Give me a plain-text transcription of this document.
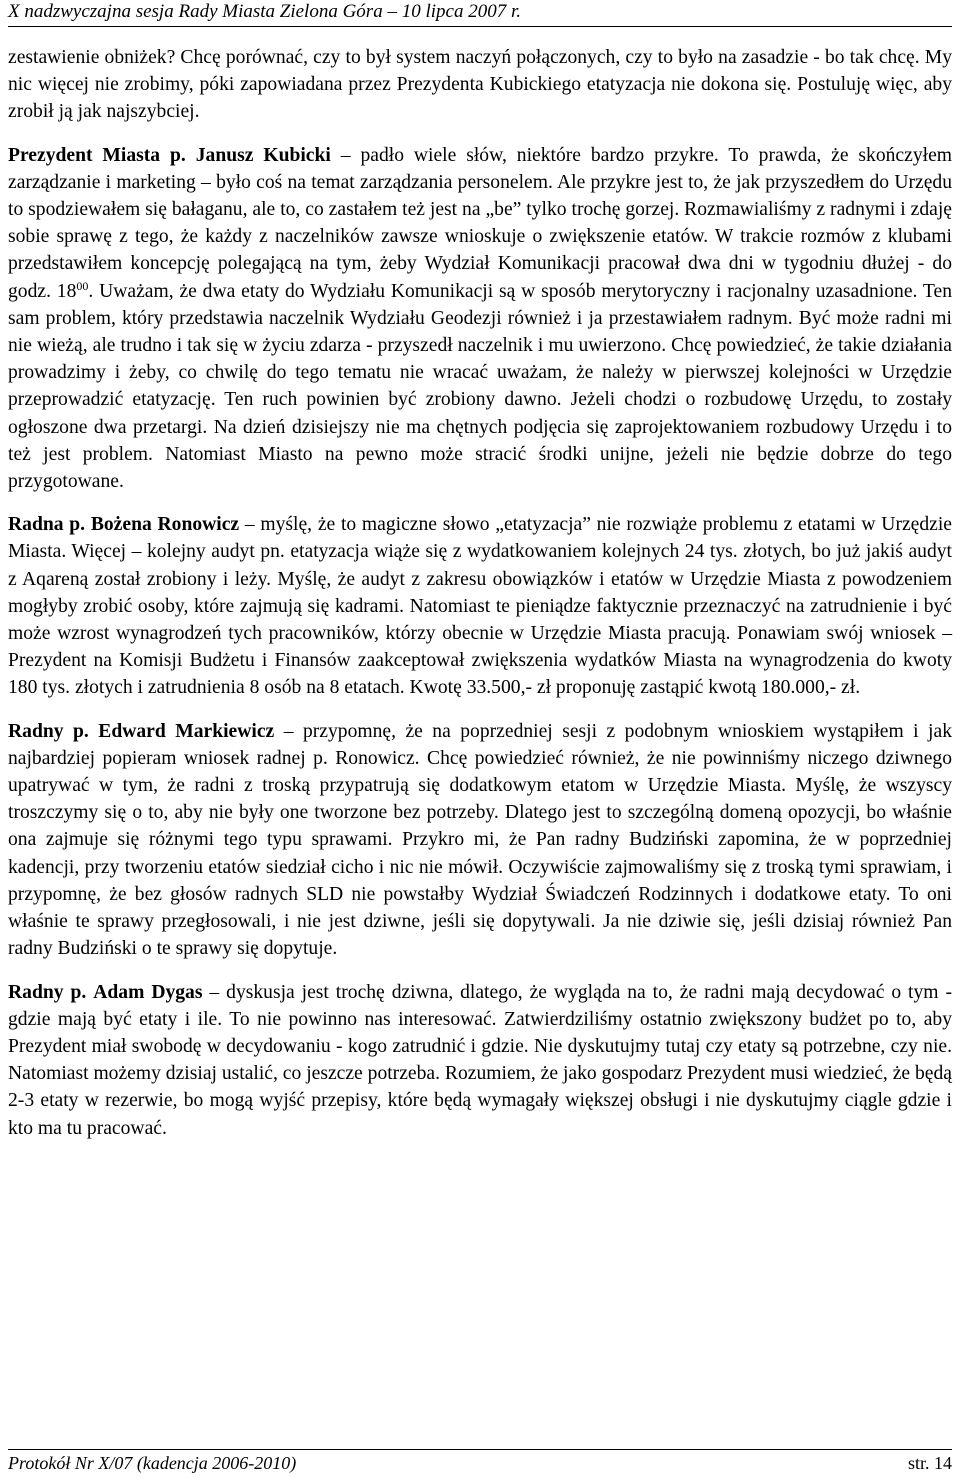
X nadzwyczajna sesja Rady Miasta Zielona Góra – 10 lipca 2007 r.

zestawienie obniżek? Chcę porównać, czy to był system naczyń połączonych, czy to było na zasadzie - bo tak chcę. My nic więcej nie zrobimy, póki zapowiadana przez Prezydenta Kubickiego etatyzacja nie dokona się. Postuluję więc, aby zrobił ją jak najszybciej.

Prezydent Miasta p. Janusz Kubicki – padło wiele słów, niektóre bardzo przykre. To prawda, że skończyłem zarządzanie i marketing – było coś na temat zarządzania personelem. Ale przykre jest to, że jak przyszedłem do Urzędu to spodziewałem się bałaganu, ale to, co zastałem też jest na „be” tylko trochę gorzej. Rozmawialiśmy z radnymi i zdaję sobie sprawę z tego, że każdy z naczelników zawsze wnioskuje o zwiększenie etatów. W trakcie rozmów z klubami przedstawiłem koncepcję polegającą na tym, żeby Wydział Komunikacji pracował dwa dni w tygodniu dłużej - do godz. $18^{00}$. Uważam, że dwa etaty do Wydziału Komunikacji są w sposób merytoryczny i racjonalny uzasadnione. Ten sam problem, który przedstawia naczelnik Wydziału Geodezji również i ja przestawiałem radnym. Być może radni mi nie wieżą, ale trudno i tak się w życiu zdarza - przyszedł naczelnik i mu uwierzono. Chcę powiedzieć, że takie działania prowadzimy i żeby, co chwilę do tego tematu nie wracać uważam, że należy w pierwszej kolejności w Urzędzie przeprowadzić etatyzację. Ten ruch powinien być zrobiony dawno. Jeżeli chodzi o rozbudowę Urzędu, to zostały ogłoszone dwa przetargi. Na dzień dzisiejszy nie ma chętnych podjęcia się zaprojektowaniem rozbudowy Urzędu i to też jest problem. Natomiast Miasto na pewno może stracić środki unijne, jeżeli nie będzie dobrze do tego przygotowane.

Radna p. Bożena Ronowicz – myślę, że to magiczne słowo „etatyzacja” nie rozwiąże problemu z etatami w Urzędzie Miasta. Więcej – kolejny audyt pn. etatyzacja wiąże się z wydatkowaniem kolejnych 24 tys. złotych, bo już jakiś audyt z Aqareną został zrobiony i leży. Myślę, że audyt z zakresu obowiązków i etatów w Urzędzie Miasta z powodzeniem mogłyby zrobić osoby, które zajmują się kadrami. Natomiast te pieniądze faktycznie przeznaczyć na zatrudnienie i być może wzrost wynagrodzeń tych pracowników, którzy obecnie w Urzędzie Miasta pracują. Ponawiam swój wniosek – Prezydent na Komisji Budżetu i Finansów zaakceptował zwiększenia wydatków Miasta na wynagrodzenia do kwoty 180 tys. złotych i zatrudnienia 8 osób na 8 etatach. Kwotę 33.500,- zł proponuję zastąpić kwotą 180.000,- zł.

Radny p. Edward Markiewicz – przypomnę, że na poprzedniej sesji z podobnym wnioskiem wystąpiłem i jak najbardziej popieram wniosek radnej p. Ronowicz. Chcę powiedzieć również, że nie powinniśmy niczego dziwnego upatrywać w tym, że radni z troską przypatrują się dodatkowym etatom w Urzędzie Miasta. Myślę, że wszyscy troszczymy się o to, aby nie były one tworzone bez potrzeby. Dlatego jest to szczególną domeną opozycji, bo właśnie ona zajmuje się różnymi tego typu sprawami. Przykro mi, że Pan radny Budziński zapomina, że w poprzedniej kadencji, przy tworzeniu etatów siedział cicho i nic nie mówił. Oczywiście zajmowaliśmy się z troską tymi sprawiam, i przypomnę, że bez głosów radnych SLD nie powstałby Wydział Świadczeń Rodzinnych i dodatkowe etaty. To oni właśnie te sprawy przegłosowali, i nie jest dziwne, jeśli się dopytywali. Ja nie dziwie się, jeśli dzisiaj również Pan radny Budziński o te sprawy się dopytuje.

Radny p. Adam Dygas – dyskusja jest trochę dziwna, dlatego, że wygląda na to, że radni mają decydować o tym - gdzie mają być etaty i ile. To nie powinno nas interesować. Zatwierdziliśmy ostatnio zwiększony budżet po to, aby Prezydent miał swobodę w decydowaniu - kogo zatrudnić i gdzie. Nie dyskutujmy tutaj czy etaty są potrzebne, czy nie. Natomiast możemy dzisiaj ustalić, co jeszcze potrzeba. Rozumiem, że jako gospodarz Prezydent musi wiedzieć, że będą 2-3 etaty w rezerwie, bo mogą wyjść przepisy, które będą wymagały większej obsługi i nie dyskutujmy ciągle gdzie i kto ma tu pracować.

Protokół Nr X/07 (kadencja 2006-2010)	str. 14
